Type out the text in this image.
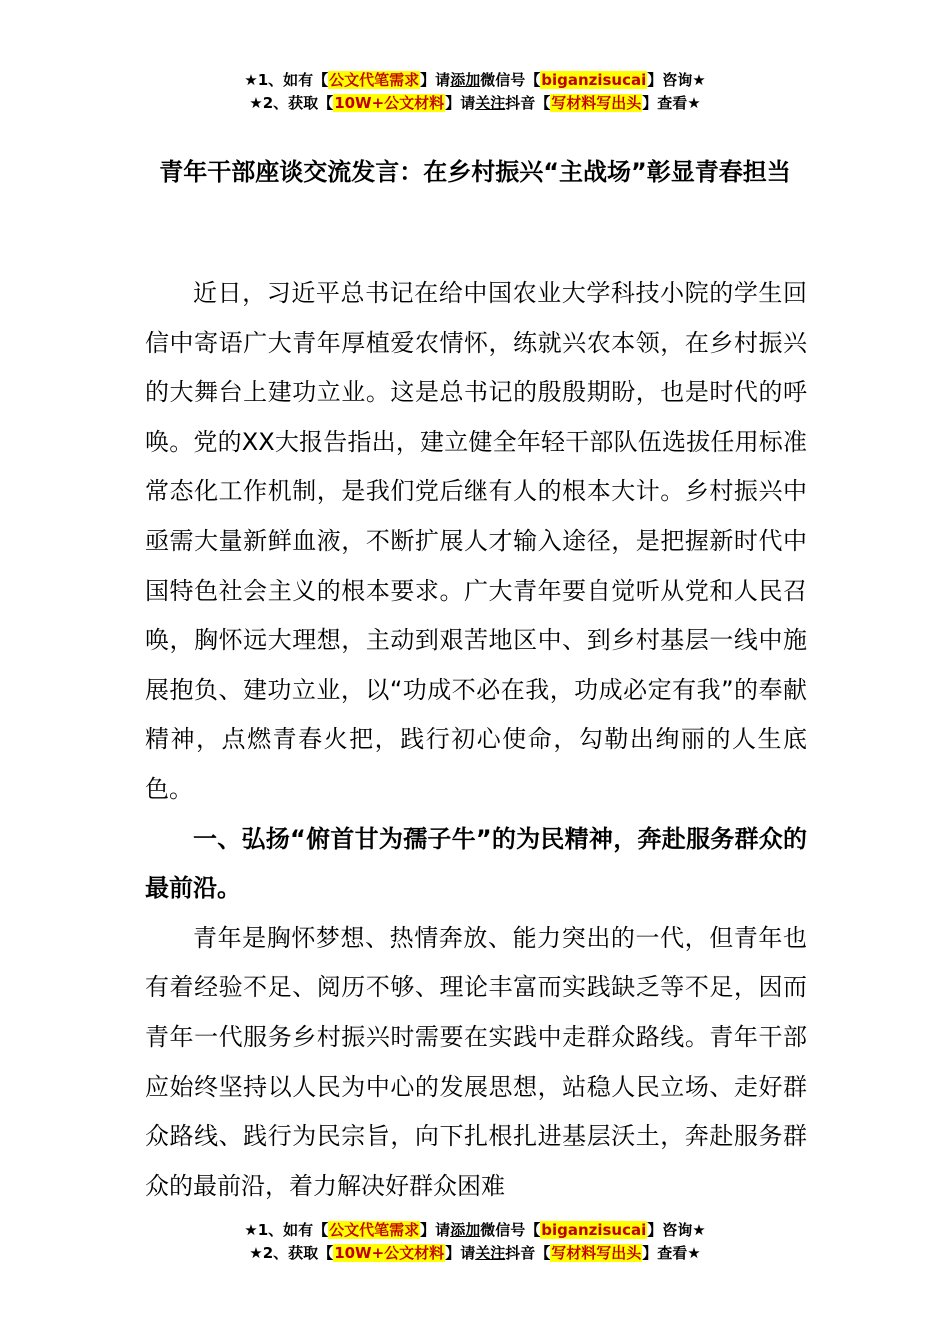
★1、如有【公文代笔需求】请添加微信号【biganzisucai】咨询★
★2、获取【10W+公文材料】请关注抖音【写材料写出头】查看★
青年干部座谈交流发言：在乡村振兴“主战场”彰显青春担当

近日，习近平总书记在给中国农业大学科技小院的学生回信中寄语广大青年厚植爱农情怀，练就兴农本领，在乡村振兴的大舞台上建功立业。这是总书记的殷殷期盼，也是时代的呼唤。党的XX大报告指出，建立健全年轻干部队伍选拔任用标准常态化工作机制，是我们党后继有人的根本大计。乡村振兴中亟需大量新鲜血液，不断扩展人才输入途径，是把握新时代中国特色社会主义的根本要求。广大青年要自觉听从党和人民召唤，胸怀远大理想，主动到艰苦地区中、到乡村基层一线中施展抱负、建功立业，以“功成不必在我，功成必定有我”的奉献精神，点燃青春火把，践行初心使命，勾勒出绚丽的人生底色。

一、弘扬“俯首甘为孺子牛”的为民精神，奔赴服务群众的最前沿。

青年是胸怀梦想、热情奔放、能力突出的一代，但青年也有着经验不足、阅历不够、理论丰富而实践缺乏等不足，因而青年一代服务乡村振兴时需要在实践中走群众路线。青年干部应始终坚持以人民为中心的发展思想，站稳人民立场、走好群众路线、践行为民宗旨，向下扎根扎进基层沃土，奔赴服务群众的最前沿，着力解决好群众困难

★1、如有【公文代笔需求】请添加微信号【biganzisucai】咨询★
★2、获取【10W+公文材料】请关注抖音【写材料写出头】查看★
